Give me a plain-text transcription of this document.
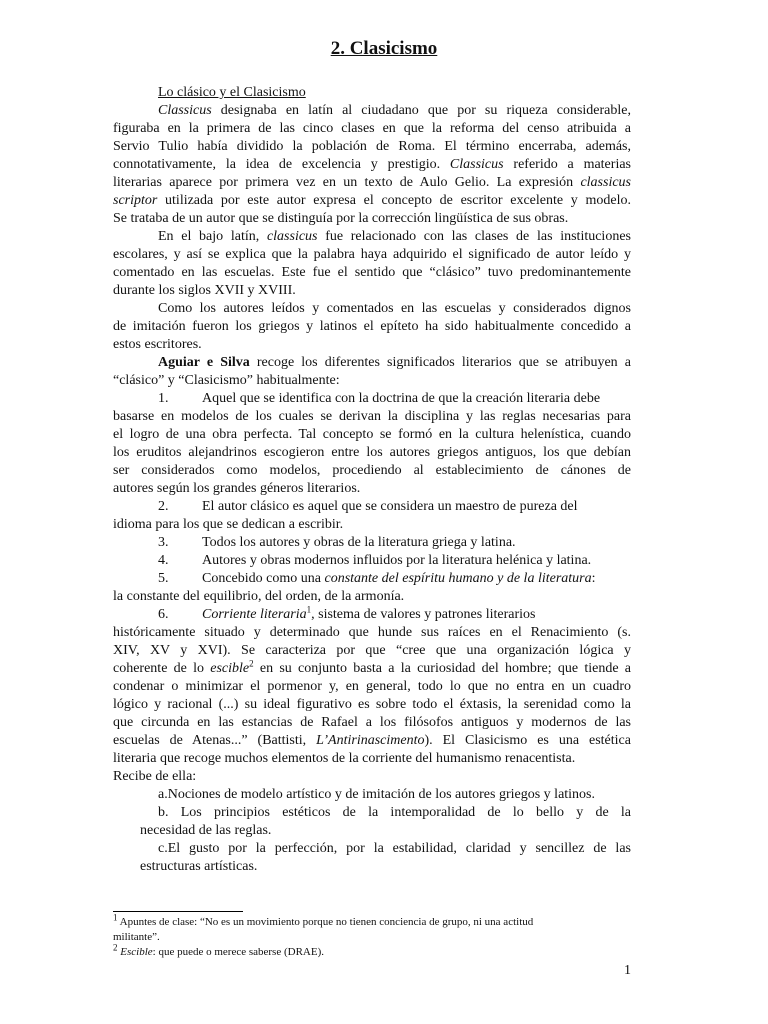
2. Clasicismo
Lo clásico y el Clasicismo
Classicus designaba en latín al ciudadano que por su riqueza considerable,
figuraba en la primera de las cinco clases en que la reforma del censo atribuida a
Servio Tulio había dividido la población de Roma. El término encerraba, además,
connotativamente, la idea de excelencia y prestigio. Classicus referido a materias
literarias aparece por primera vez en un texto de Aulo Gelio. La expresión classicus
scriptor utilizada por este autor expresa el concepto de escritor excelente y modelo.
Se trataba de un autor que se distinguía por la corrección lingüística de sus obras.
En el bajo latín, classicus fue relacionado con las clases de las instituciones
escolares, y así se explica que la palabra haya adquirido el significado de autor leído y
comentado en las escuelas. Este fue el sentido que “clásico” tuvo predominantemente
durante los siglos XVII y XVIII.
Como los autores leídos y comentados en las escuelas y considerados dignos
de imitación fueron los griegos y latinos el epíteto ha sido habitualmente concedido a
estos escritores.
Aguiar e Silva recoge los diferentes significados literarios que se atribuyen a
“clásico” y “Clasicismo” habitualmente:
1. Aquel que se identifica con la doctrina de que la creación literaria debe
basarse en modelos de los cuales se derivan la disciplina y las reglas necesarias para
el logro de una obra perfecta. Tal concepto se formó en la cultura helenística, cuando
los eruditos alejandrinos escogieron entre los autores griegos antiguos, los que debían
ser considerados como modelos, procediendo al establecimiento de cánones de
autores según los grandes géneros literarios.
2. El autor clásico es aquel que se considera un maestro de pureza del
idioma para los que se dedican a escribir.
3. Todos los autores y obras de la literatura griega y latina.
4. Autores y obras modernos influidos por la literatura helénica y latina.
5. Concebido como una constante del espíritu humano y de la literatura:
la constante del equilibrio, del orden, de la armonía.
6. Corriente literaria$^1$, sistema de valores y patrones literarios
históricamente situado y determinado que hunde sus raíces en el Renacimiento (s.
XIV, XV y XVI). Se caracteriza por que “cree que una organización lógica y
coherente de lo escible$^2$ en su conjunto basta a la curiosidad del hombre; que tiende a
condenar o minimizar el pormenor y, en general, todo lo que no entra en un cuadro
lógico y racional (...) su ideal figurativo es sobre todo el éxtasis, la serenidad como la
que circunda en las estancias de Rafael a los filósofos antiguos y modernos de las
escuelas de Atenas...” (Battisti, L’Antirinascimento). El Clasicismo es una estética
literaria que recoge muchos elementos de la corriente del humanismo renacentista.
Recibe de ella:
a.Nociones de modelo artístico y de imitación de los autores griegos y latinos.
b. Los principios estéticos de la intemporalidad de lo bello y de la
necesidad de las reglas.
c.El gusto por la perfección, por la estabilidad, claridad y sencillez de las
estructuras artísticas.
$^1$ Apuntes de clase: “No es un movimiento porque no tienen conciencia de grupo, ni una actitud
militante”.
$^2$ Escible: que puede o merece saberse (DRAE).
1
